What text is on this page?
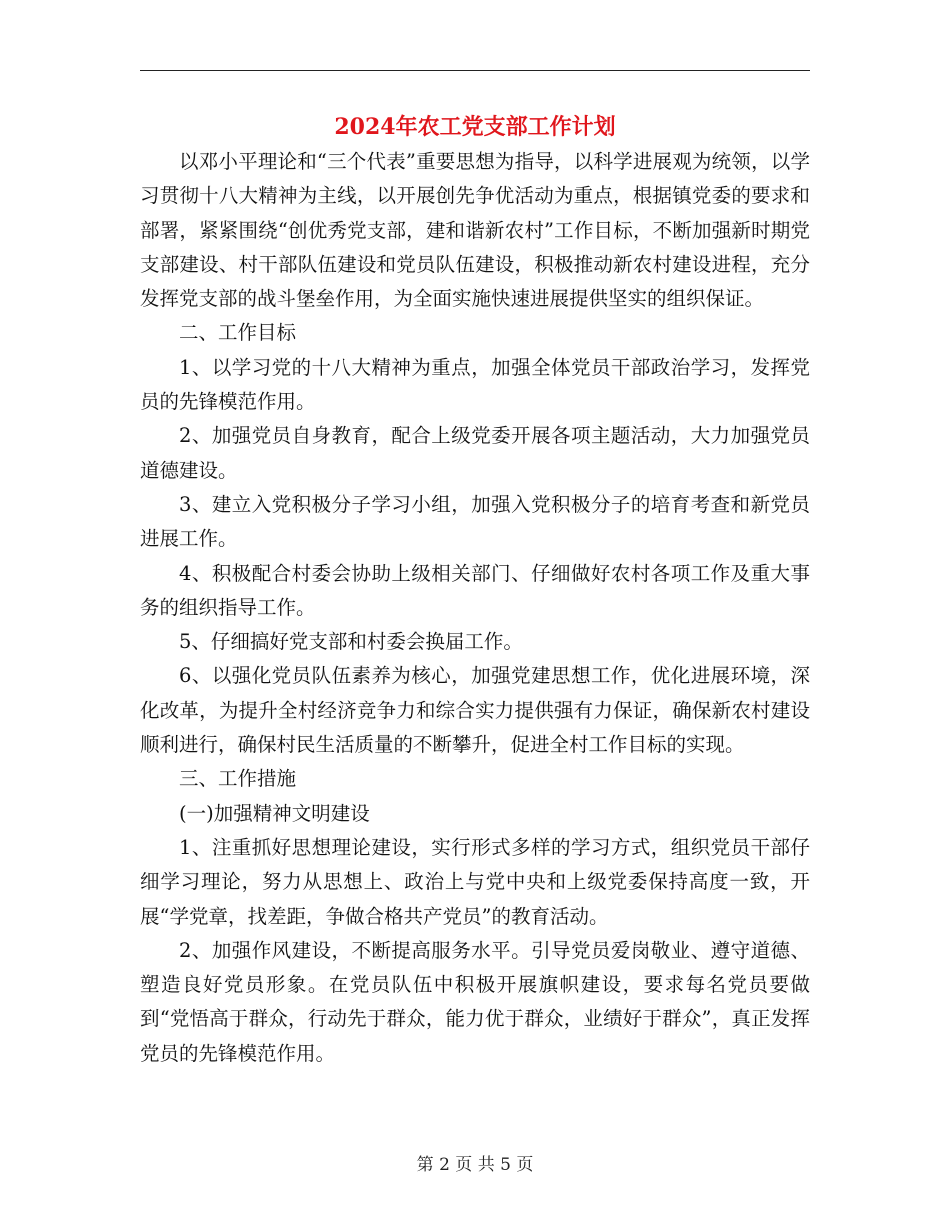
2024年农工党支部工作计划

以邓小平理论和“三个代表”重要思想为指导，以科学进展观为统领，以学习贯彻十八大精神为主线，以开展创先争优活动为重点，根据镇党委的要求和部署，紧紧围绕“创优秀党支部，建和谐新农村”工作目标，不断加强新时期党支部建设、村干部队伍建设和党员队伍建设，积极推动新农村建设进程，充分发挥党支部的战斗堡垒作用，为全面实施快速进展提供坚实的组织保证。

二、工作目标

1、以学习党的十八大精神为重点，加强全体党员干部政治学习，发挥党员的先锋模范作用。

2、加强党员自身教育，配合上级党委开展各项主题活动，大力加强党员道德建设。

3、建立入党积极分子学习小组，加强入党积极分子的培育考查和新党员进展工作。

4、积极配合村委会协助上级相关部门、仔细做好农村各项工作及重大事务的组织指导工作。

5、仔细搞好党支部和村委会换届工作。

6、以强化党员队伍素养为核心，加强党建思想工作，优化进展环境，深化改革，为提升全村经济竞争力和综合实力提供强有力保证，确保新农村建设顺利进行，确保村民生活质量的不断攀升，促进全村工作目标的实现。

三、工作措施

(一)加强精神文明建设

1、注重抓好思想理论建设，实行形式多样的学习方式，组织党员干部仔细学习理论，努力从思想上、政治上与党中央和上级党委保持高度一致，开展“学党章，找差距，争做合格共产党员”的教育活动。

2、加强作风建设，不断提高服务水平。引导党员爱岗敬业、遵守道德、塑造良好党员形象。在党员队伍中积极开展旗帜建设，要求每名党员要做到“党悟高于群众，行动先于群众，能力优于群众，业绩好于群众”，真正发挥党员的先锋模范作用。

第 2 页 共 5 页
